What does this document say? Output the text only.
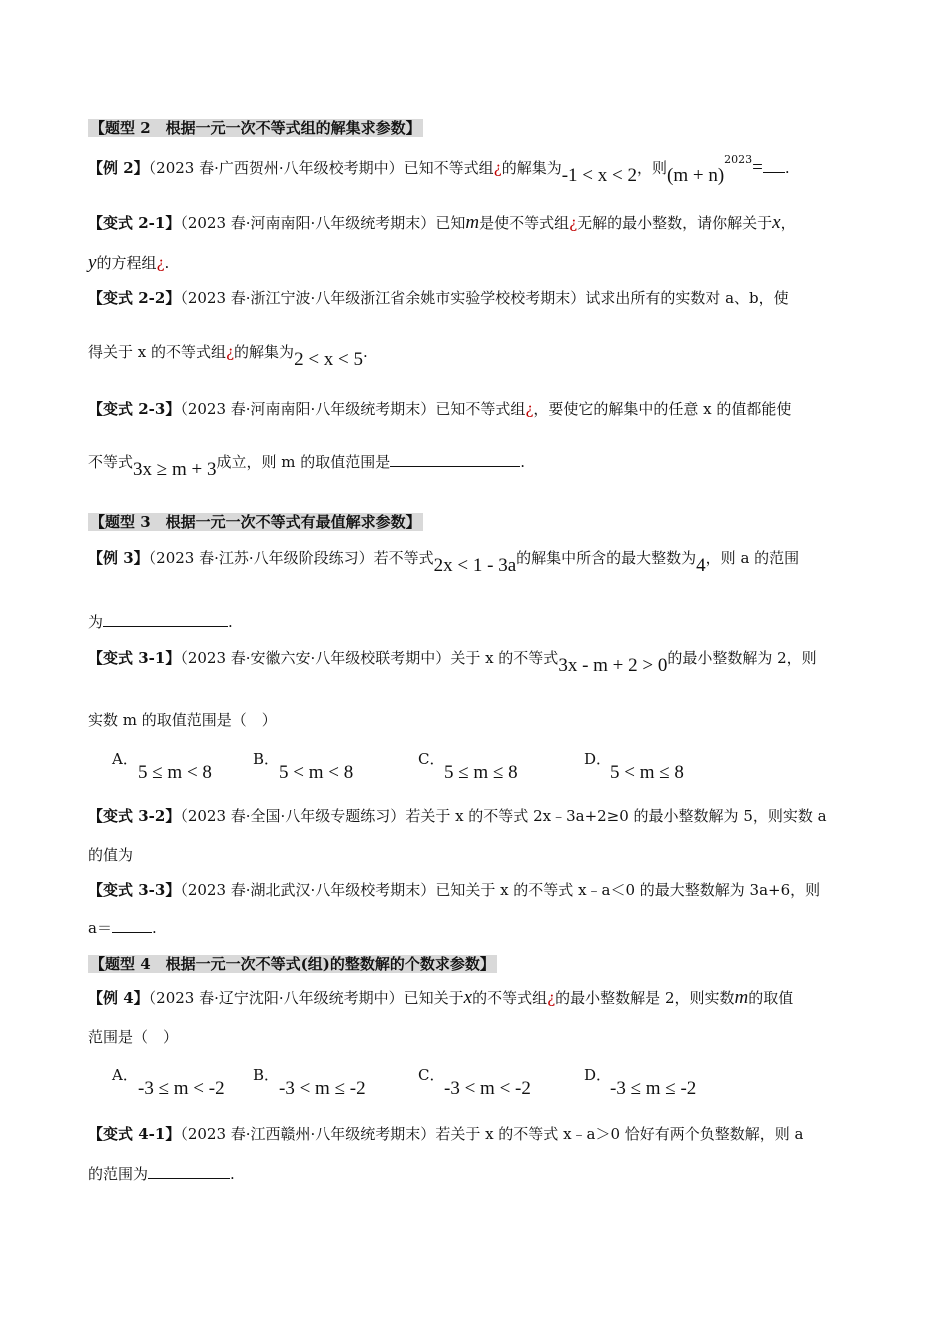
【题型 2　根据一元一次不等式组的解集求参数】
【例 2】（2023 春·广西贺州·八年级校考期中）已知不等式组¿的解集为-1 < x < 2，则$(m + n)^{2023}=$ .
【变式 2-1】（2023 春·河南南阳·八年级统考期末）已知m是使不等式组¿无解的最小整数，请你解关于x，
y的方程组¿.
【变式 2-2】（2023 春·浙江宁波·八年级浙江省余姚市实验学校校考期末）试求出所有的实数对 a、b，使
得关于 x 的不等式组¿的解集为2 < x < 5.
【变式 2-3】（2023 春·河南南阳·八年级统考期末）已知不等式组¿，要使它的解集中的任意 x 的值都能使
不等式3x ≥ m + 3成立，则 m 的取值范围是	.
【题型 3　根据一元一次不等式有最值解求参数】
【例 3】（2023 春·江苏·八年级阶段练习）若不等式2x < 1 - 3a的解集中所含的最大整数为4，则 a 的范围
为	.
【变式 3-1】（2023 春·安徽六安·八年级校联考期中）关于 x 的不等式3x - m + 2 > 0的最小整数解为 2，则
实数 m 的取值范围是（　）
A．
5 ≤ m < 8
B．
5 < m < 8
C．
5 ≤ m ≤ 8
D．
5 < m ≤ 8
【变式 3-2】（2023 春·全国·八年级专题练习）若关于 x 的不等式 2x﹣3a+2≥0 的最小整数解为 5，则实数 a
的值为
【变式 3-3】（2023 春·湖北武汉·八年级校考期末）已知关于 x 的不等式 x﹣a＜0 的最大整数解为 3a+6，则
a＝	.
【题型 4　根据一元一次不等式(组)的整数解的个数求参数】
【例 4】（2023 春·辽宁沈阳·八年级统考期中）已知关于x的不等式组¿的最小整数解是 2，则实数m的取值
范围是（　）
A．
-3 ≤ m < -2
B．
-3 < m ≤ -2
C．
-3 < m < -2
D．
-3 ≤ m ≤ -2
【变式 4-1】（2023 春·江西赣州·八年级统考期末）若关于 x 的不等式 x﹣a＞0 恰好有两个负整数解，则 a
的范围为	.
